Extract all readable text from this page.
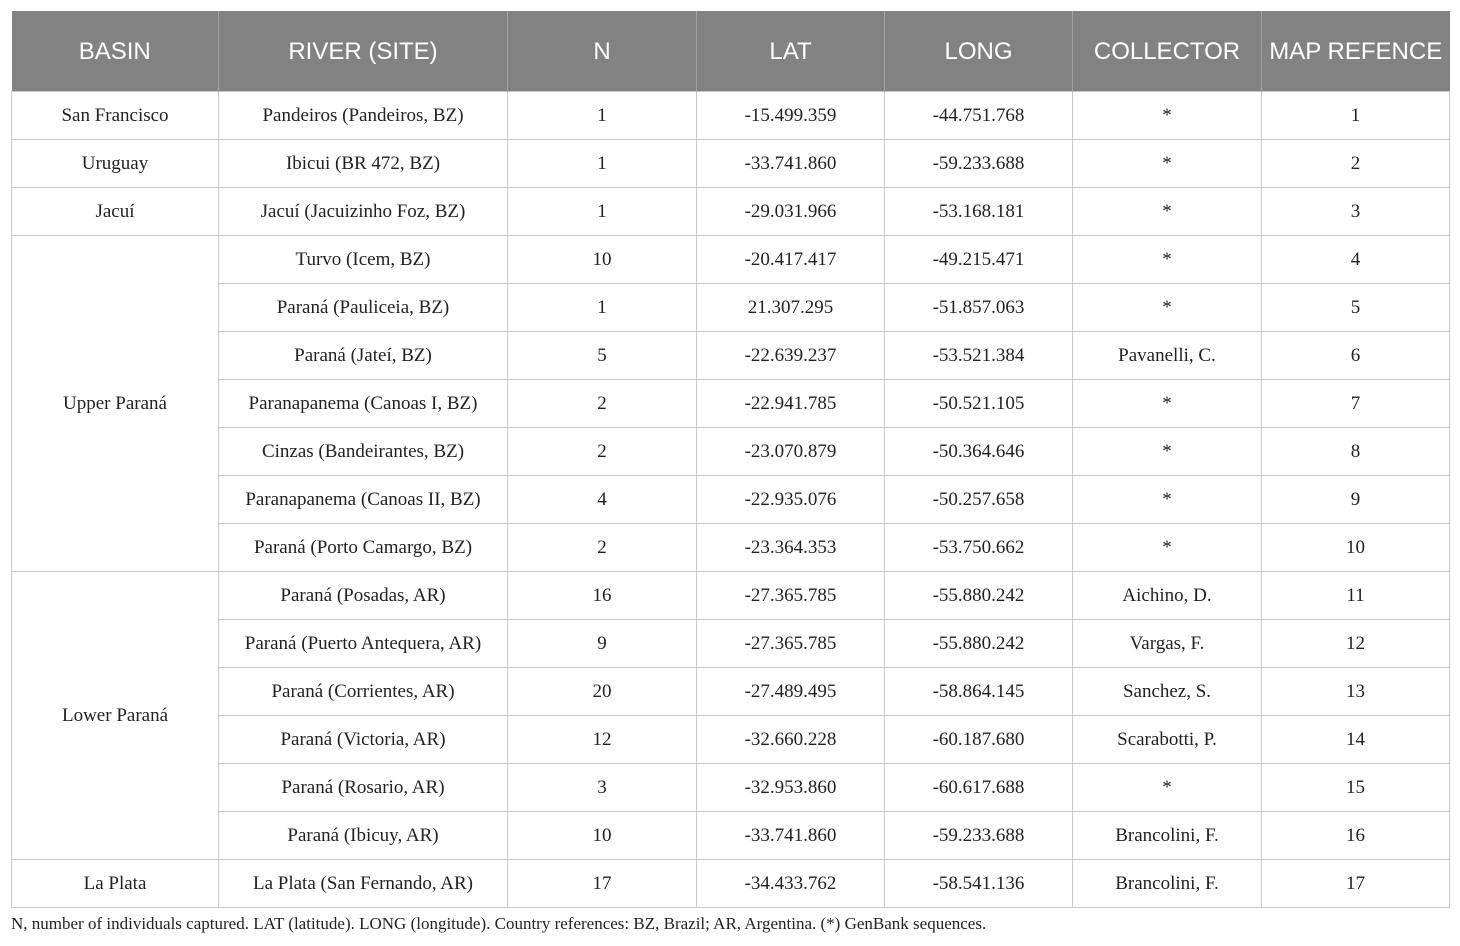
BASIN	RIVER (SITE)	N	LAT	LONG	COLLECTOR	MAP REFENCE
San Francisco	Pandeiros (Pandeiros, BZ)	1	-15.499.359	-44.751.768	*	1
Uruguay	Ibicui (BR 472, BZ)	1	-33.741.860	-59.233.688	*	2
Jacuí	Jacuí (Jacuizinho Foz, BZ)	1	-29.031.966	-53.168.181	*	3
Upper Paraná	Turvo (Icem, BZ)	10	-20.417.417	-49.215.471	*	4
	Paraná (Pauliceia, BZ)	1	21.307.295	-51.857.063	*	5
	Paraná (Jateí, BZ)	5	-22.639.237	-53.521.384	Pavanelli, C.	6
	Paranapanema (Canoas I, BZ)	2	-22.941.785	-50.521.105	*	7
	Cinzas (Bandeirantes, BZ)	2	-23.070.879	-50.364.646	*	8
	Paranapanema (Canoas II, BZ)	4	-22.935.076	-50.257.658	*	9
	Paraná (Porto Camargo, BZ)	2	-23.364.353	-53.750.662	*	10
Lower Paraná	Paraná (Posadas, AR)	16	-27.365.785	-55.880.242	Aichino, D.	11
	Paraná (Puerto Antequera, AR)	9	-27.365.785	-55.880.242	Vargas, F.	12
	Paraná (Corrientes, AR)	20	-27.489.495	-58.864.145	Sanchez, S.	13
	Paraná (Victoria, AR)	12	-32.660.228	-60.187.680	Scarabotti, P.	14
	Paraná (Rosario, AR)	3	-32.953.860	-60.617.688	*	15
	Paraná (Ibicuy, AR)	10	-33.741.860	-59.233.688	Brancolini, F.	16
La Plata	La Plata (San Fernando, AR)	17	-34.433.762	-58.541.136	Brancolini, F.	17
N, number of individuals captured. LAT (latitude). LONG (longitude). Country references: BZ, Brazil; AR, Argentina. (*) GenBank sequences.
